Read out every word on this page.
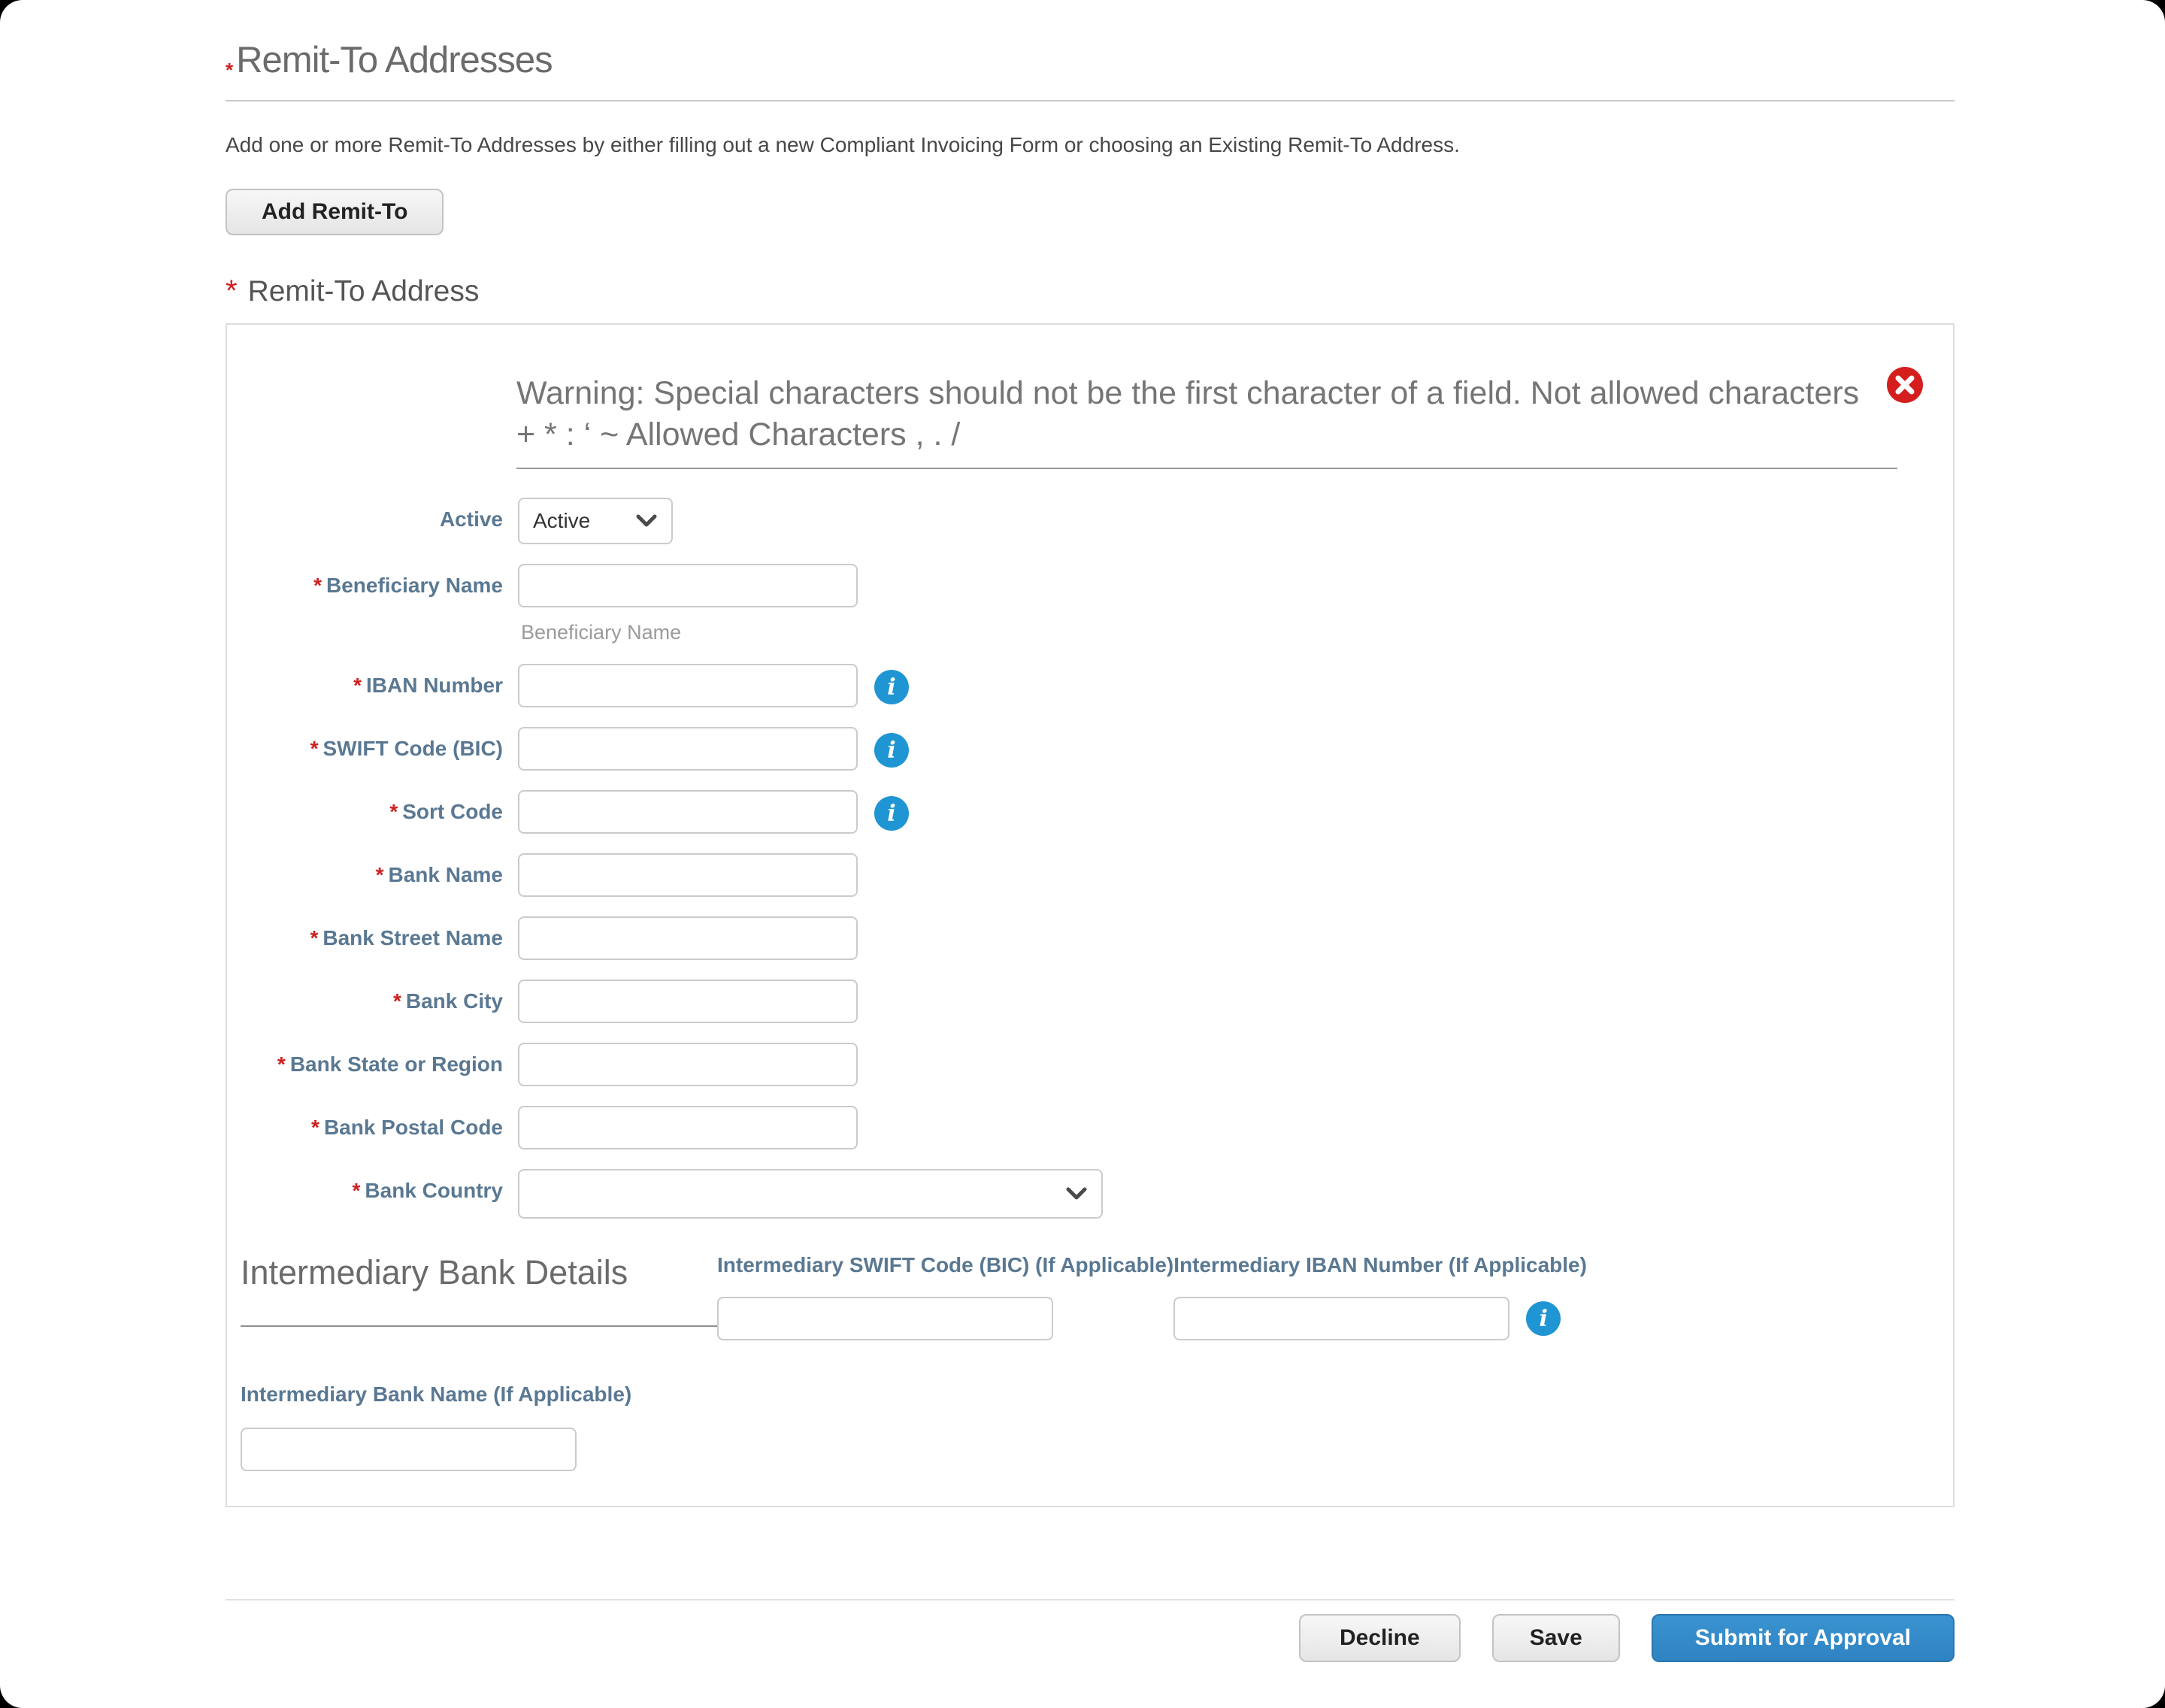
* Remit-To Addresses

Add one or more Remit-To Addresses by either filling out a new Compliant Invoicing Form or choosing an Existing Remit-To Address.

Add Remit-To
* Remit-To Address
Warning: Special characters should not be the first character of a field. Not allowed characters + * : ‘ ~ Allowed Characters , . /
Active Active
* Beneficiary Name
Beneficiary Name
* IBAN Number	i
* SWIFT Code (BIC)	i
* Sort Code	i
* Bank Name
* Bank Street Name
* Bank City
* Bank State or Region
* Bank Postal Code
* Bank Country
Intermediary Bank Details	Intermediary SWIFT Code (BIC) (If Applicable) Intermediary IBAN Number (If Applicable)
i
Intermediary Bank Name (If Applicable)
Decline	Save	Submit for Approval
